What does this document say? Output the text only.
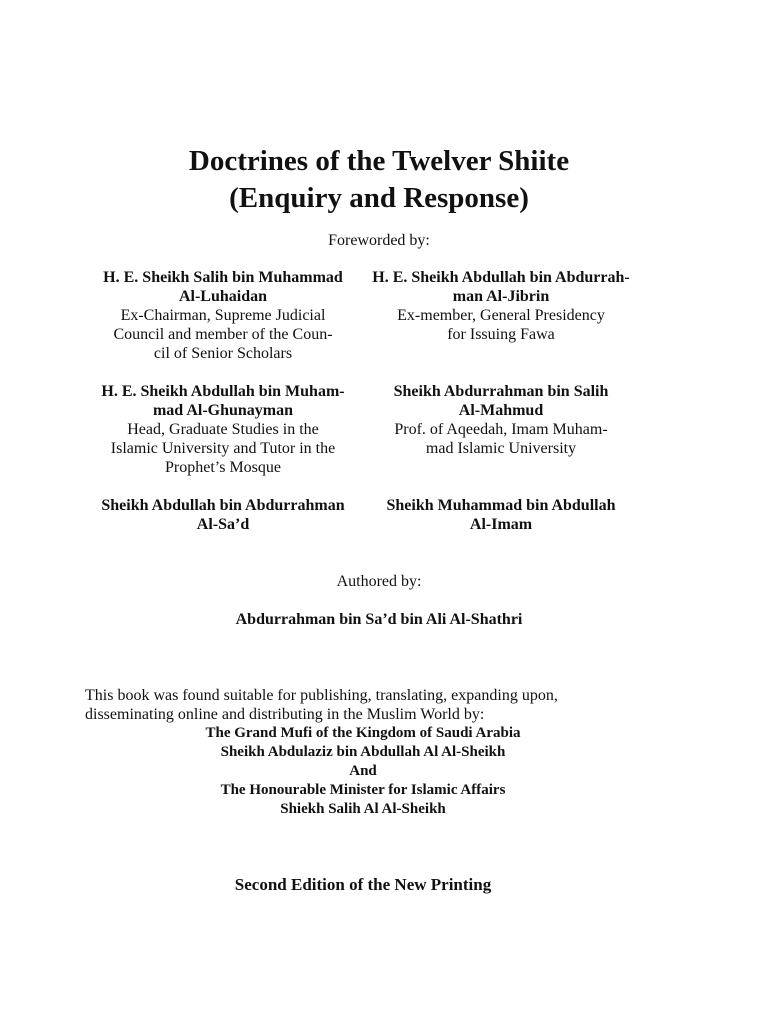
Doctrines of the Twelver Shiite
(Enquiry and Response)
Foreworded by:
H. E. Sheikh Salih bin Muhammad
Al-Luhaidan
Ex-Chairman, Supreme Judicial
Council and member of the Coun-
cil of Senior Scholars
H. E. Sheikh Abdullah bin Abdurrah-
man Al-Jibrin
Ex-member, General Presidency
for Issuing Fawa
H. E. Sheikh Abdullah bin Muham-
mad Al-Ghunayman
Head, Graduate Studies in the
Islamic University and Tutor in the
Prophet’s Mosque
Sheikh Abdurrahman bin Salih
Al-Mahmud
Prof. of Aqeedah, Imam Muham-
mad Islamic University
Sheikh Abdullah bin Abdurrahman
Al-Sa’d
Sheikh Muhammad bin Abdullah
Al-Imam
Authored by:
Abdurrahman bin Sa’d bin Ali Al-Shathri
This book was found suitable for publishing, translating, expanding upon,
disseminating online and distributing in the Muslim World by:
The Grand Mufi of the Kingdom of Saudi Arabia
Sheikh Abdulaziz bin Abdullah Al Al-Sheikh
And
The Honourable Minister for Islamic Affairs
Shiekh Salih Al Al-Sheikh
Second Edition of the New Printing
